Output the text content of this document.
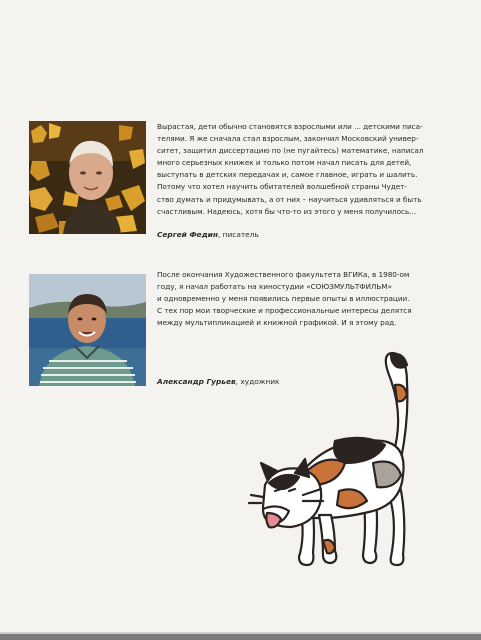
Вырастая, дети обычно становятся взрослыми или ... детскими писа-
телями. Я же сначала стал взрослым, закончил Московский универ-
ситет, защитил диссертацию по (не пугайтесь) математике, написал
много серьезных книжек и только потом начал писать для детей,
выступать в детских передачах и, самое главное, играть и шалить.
Потому что хотел научить обитателей волшебной страны Чудет-
ство думать и придумывать, а от них – научиться удивляться и быть
счастливым. Надеюсь, хотя бы что-то из этого у меня получилось...
Сергей Федин, писатель
После окончания Художественного факультета ВГИКа, в 1980-ом
году, я начал работать на киностудии «СОЮЗМУЛЬТФИЛЬМ»
и одновременно у меня появились первые опыты в иллюстрации.
С тех пор мои творческие и профессиональные интересы делятся
между мультипликацией и книжной графикой. И я этому рад.
Александр Гурьев, художник
